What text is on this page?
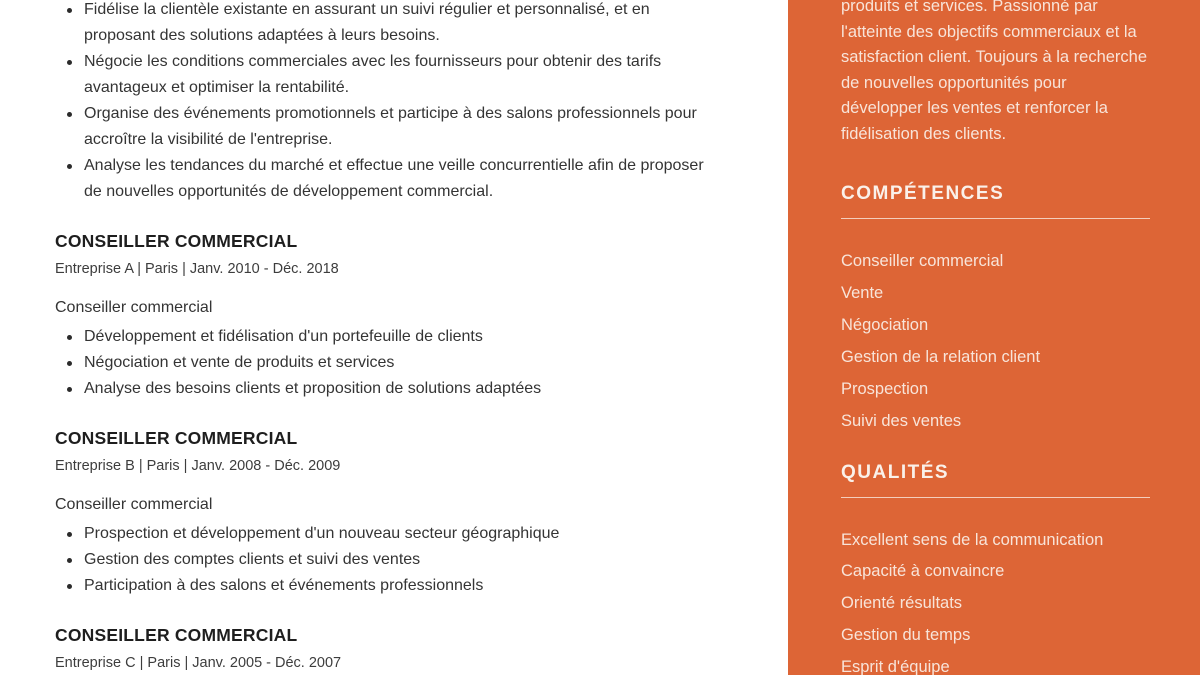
Fidélise la clientèle existante en assurant un suivi régulier et personnalisé, et en proposant des solutions adaptées à leurs besoins.
Négocie les conditions commerciales avec les fournisseurs pour obtenir des tarifs avantageux et optimiser la rentabilité.
Organise des événements promotionnels et participe à des salons professionnels pour accroître la visibilité de l'entreprise.
Analyse les tendances du marché et effectue une veille concurrentielle afin de proposer de nouvelles opportunités de développement commercial.
CONSEILLER COMMERCIAL
Entreprise A | Paris | Janv. 2010 - Déc. 2018
Conseiller commercial
Développement et fidélisation d'un portefeuille de clients
Négociation et vente de produits et services
Analyse des besoins clients et proposition de solutions adaptées
CONSEILLER COMMERCIAL
Entreprise B | Paris | Janv. 2008 - Déc. 2009
Conseiller commercial
Prospection et développement d'un nouveau secteur géographique
Gestion des comptes clients et suivi des ventes
Participation à des salons et événements professionnels
CONSEILLER COMMERCIAL
Entreprise C | Paris | Janv. 2005 - Déc. 2007

produits et services. Passionné par l'atteinte des objectifs commerciaux et la satisfaction client. Toujours à la recherche de nouvelles opportunités pour développer les ventes et renforcer la fidélisation des clients.

COMPÉTENCES
Conseiller commercial
Vente
Négociation
Gestion de la relation client
Prospection
Suivi des ventes
QUALITÉS
Excellent sens de la communication
Capacité à convaincre
Orienté résultats
Gestion du temps
Esprit d'équipe
